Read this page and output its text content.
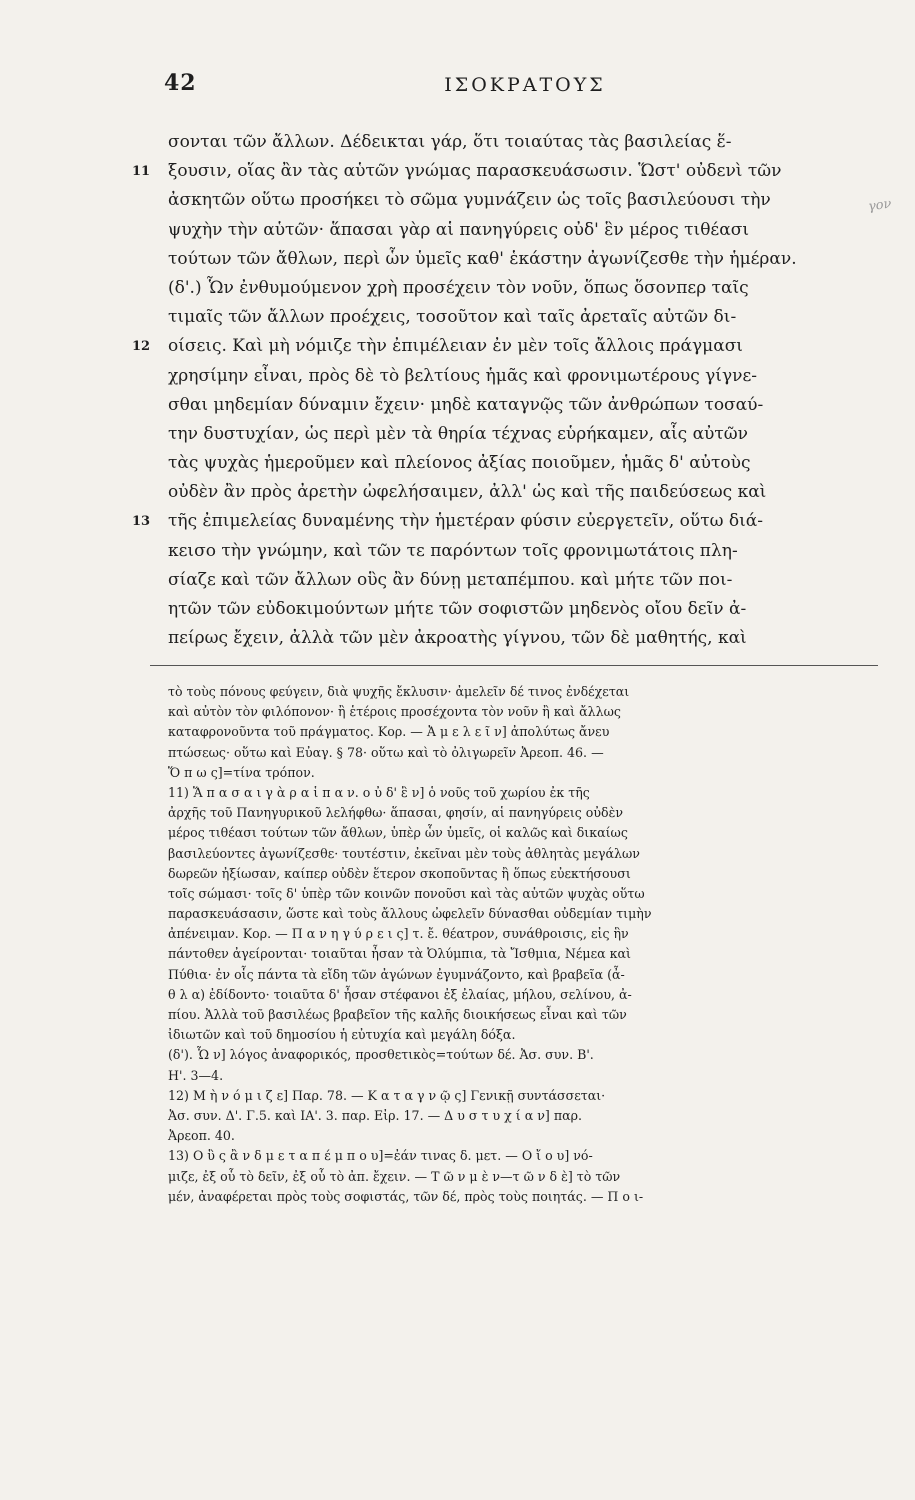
42	ΙΣΟΚΡΑΤΟΥΣ
σονται τῶν ἄλλων. Δέδεικται γάρ, ὅτι τοιαύτας τὰς βασιλείας ἕ-
ξουσιν, οἵας ἂν τὰς αὑτῶν γνώμας παρασκευάσωσιν. Ὥστ' οὐδενὶ τῶν
11
ἀσκητῶν οὕτω προσήκει τὸ σῶμα γυμνάζειν ὡς τοῖς βασιλεύουσι τὴν
ψυχὴν τὴν αὑτῶν· ἅπασαι γὰρ αἱ πανηγύρεις οὐδ' ἓν μέρος τιθέασι
τούτων τῶν ἄθλων, περὶ ὧν ὑμεῖς καθ' ἑκάστην ἀγωνίζεσθε τὴν ἡμέραν.
(δ'.) Ὧν ἐνθυμούμενον χρὴ προσέχειν τὸν νοῦν, ὅπως ὅσονπερ ταῖς
τιμαῖς τῶν ἄλλων προέχεις, τοσοῦτον καὶ ταῖς ἀρεταῖς αὐτῶν δι-
οίσεις. Καὶ μὴ νόμιζε τὴν ἐπιμέλειαν ἐν μὲν τοῖς ἄλλοις πράγμασι
12
χρησίμην εἶναι, πρὸς δὲ τὸ βελτίους ἡμᾶς καὶ φρονιμωτέρους γίγνε-
σθαι μηδεμίαν δύναμιν ἔχειν· μηδὲ καταγνῷς τῶν ἀνθρώπων τοσαύ-
την δυστυχίαν, ὡς περὶ μὲν τὰ θηρία τέχνας εὑρήκαμεν, αἷς αὐτῶν
τὰς ψυχὰς ἡμεροῦμεν καὶ πλείονος ἀξίας ποιοῦμεν, ἡμᾶς δ' αὐτοὺς
οὐδὲν ἂν πρὸς ἀρετὴν ὠφελήσαιμεν, ἀλλ' ὡς καὶ τῆς παιδεύσεως καὶ
τῆς ἐπιμελείας δυναμένης τὴν ἡμετέραν φύσιν εὐεργετεῖν, οὕτω διά-
13
κεισο τὴν γνώμην, καὶ τῶν τε παρόντων τοῖς φρονιμωτάτοις πλη-
σίαζε καὶ τῶν ἄλλων οὓς ἂν δύνῃ μεταπέμπου. καὶ μήτε τῶν ποι-
ητῶν τῶν εὐδοκιμούντων μήτε τῶν σοφιστῶν μηδενὸς οἴου δεῖν ἀ-
πείρως ἔχειν, ἀλλὰ τῶν μὲν ἀκροατὴς γίγνου, τῶν δὲ μαθητής, καὶ
γον
τὸ τοὺς πόνους φεύγειν, διὰ ψυχῆς ἔκλυσιν· ἀμελεῖν δέ τινος ἐνδέχεται
καὶ αὐτὸν τὸν φιλόπονον· ἢ ἑτέροις προσέχοντα τὸν νοῦν ἢ καὶ ἄλλως
καταφρονοῦντα τοῦ πράγματος. Κορ. — Ἀ μ ε λ ε ῖ ν] ἀπολύτως ἄνευ
πτώσεως· οὕτω καὶ Εὐαγ. § 78· οὕτω καὶ τὸ ὀλιγωρεῖν Ἀρεοπ. 46. —
Ὅ π ω ς]=τίνα τρόπον.
11) Ἅ π α σ α ι γ ὰ ρ α ἱ π α ν. ο ὐ δ' ἓ ν] ὁ νοῦς τοῦ χωρίου ἐκ τῆς
ἀρχῆς τοῦ Πανηγυρικοῦ λελήφθω· ἅπασαι, φησίν, αἱ πανηγύρεις οὐδὲν
μέρος τιθέασι τούτων τῶν ἄθλων, ὑπὲρ ὧν ὑμεῖς, οἱ καλῶς καὶ δικαίως
βασιλεύοντες ἀγωνίζεσθε· τουτέστιν, ἐκεῖναι μὲν τοὺς ἀθλητὰς μεγάλων
δωρεῶν ἠξίωσαν, καίπερ οὐδὲν ἕτερον σκοποῦντας ἢ ὅπως εὐεκτήσουσι
τοῖς σώμασι· τοῖς δ' ὑπὲρ τῶν κοινῶν πονοῦσι καὶ τὰς αὑτῶν ψυχὰς οὕτω
παρασκευάσασιν, ὥστε καὶ τοὺς ἄλλους ὠφελεῖν δύνασθαι οὐδεμίαν τιμὴν
ἀπένειμαν. Κορ. — Π α ν η γ ύ ρ ε ι ς] τ. ἔ. θέατρον, συνάθροισις, εἰς ἣν
πάντοθεν ἀγείρονται· τοιαῦται ἦσαν τὰ Ὀλύμπια, τὰ Ἴσθμια, Νέμεα καὶ
Πύθια· ἐν οἷς πάντα τὰ εἴδη τῶν ἀγώνων ἐγυμνάζοντο, καὶ βραβεῖα (ἆ-
θ λ α) ἐδίδοντο· τοιαῦτα δ' ἦσαν στέφανοι ἐξ ἐλαίας, μήλου, σελίνου, ἀ-
πίου. Ἀλλὰ τοῦ βασιλέως βραβεῖον τῆς καλῆς διοικήσεως εἶναι καὶ τῶν
ἰδιωτῶν καὶ τοῦ δημοσίου ἡ εὐτυχία καὶ μεγάλη δόξα.
(δ'). Ὧ ν] λόγος ἀναφορικός, προσθετικὸς=τούτων δέ. Ἀσ. συν. Β'.
Η'. 3—4.
12) Μ ὴ ν ό μ ι ζ ε] Παρ. 78. — Κ α τ α γ ν ῷ ς] Γενικῇ συντάσσεται·
Ἀσ. συν. Δ'. Γ.5. καὶ ΙΑ'. 3. παρ. Εἰρ. 17. — Δ υ σ τ υ χ ί α ν] παρ.
Ἀρεοπ. 40.
13) Ο ὓ ς ἂ ν δ μ ε τ α π έ μ π ο υ]=ἐάν τινας δ. μετ. — Ο ἴ ο υ] νό-
μιζε, ἐξ οὗ τὸ δεῖν, ἐξ οὗ τὸ ἀπ. ἔχειν. — Τ ῶ ν μ ὲ ν—τ ῶ ν δ ὲ] τὸ τῶν
μέν, ἀναφέρεται πρὸς τοὺς σοφιστάς, τῶν δέ, πρὸς τοὺς ποιητάς. — Π ο ι-
